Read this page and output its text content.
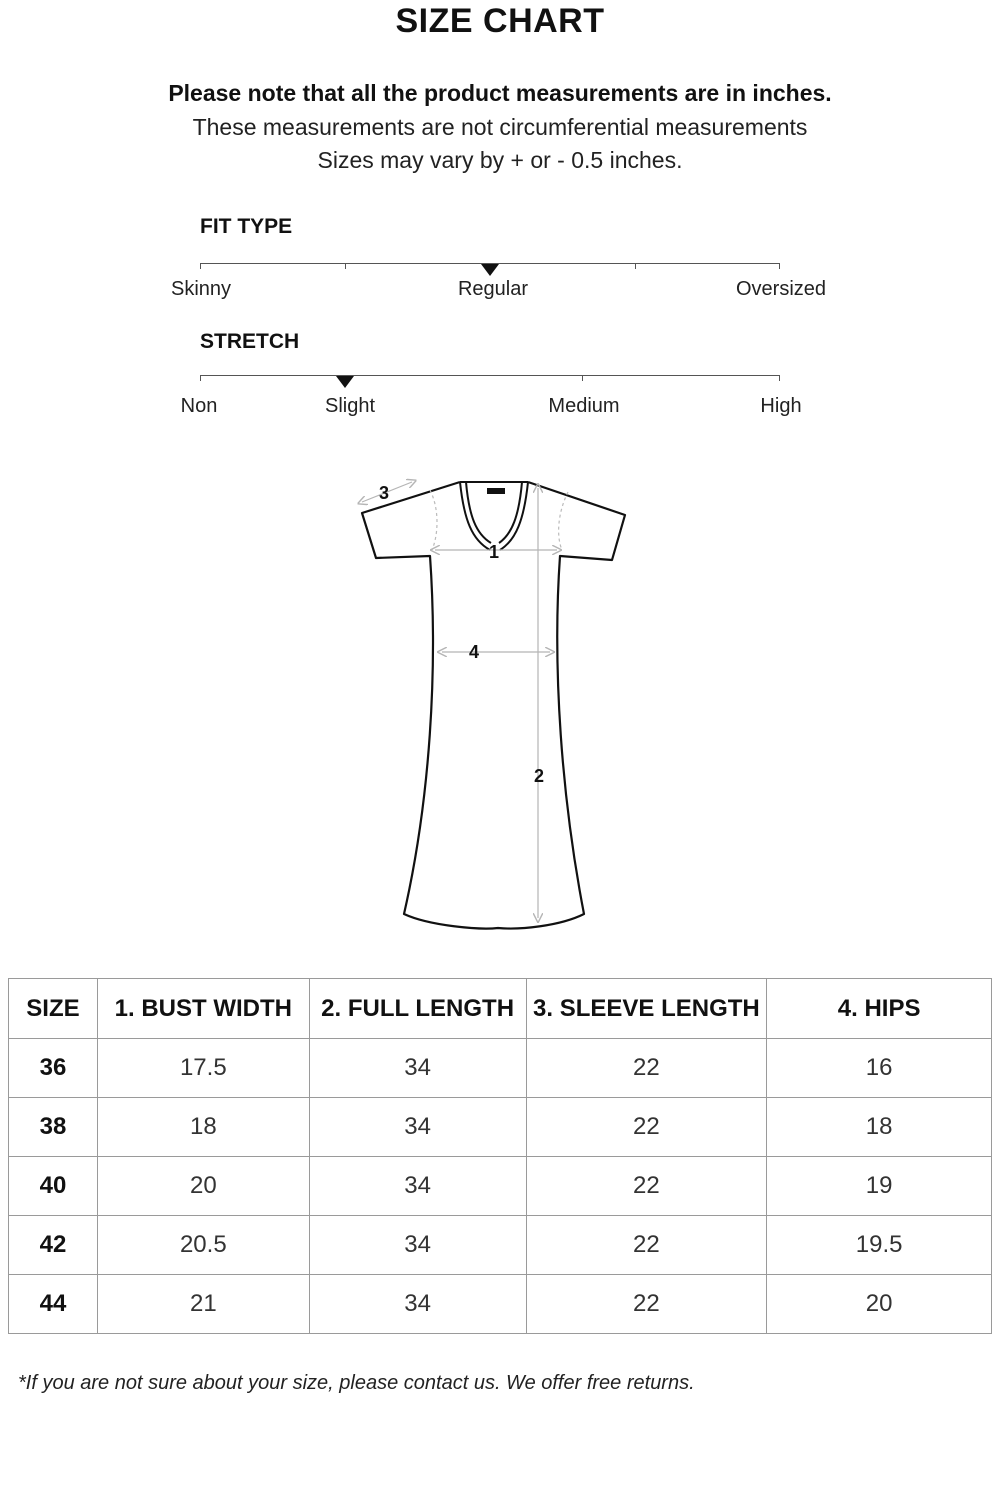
SIZE CHART
Please note that all the product measurements are in inches.
These measurements are not circumferential measurements
Sizes may vary by + or - 0.5 inches.
FIT TYPE
Skinny	Regular	Oversized
STRETCH
Non	Slight	Medium	High
1
2
3
4
SIZE	1. BUST WIDTH	2. FULL LENGTH	3. SLEEVE LENGTH	4. HIPS
36	17.5	34	22	16
38	18	34	22	18
40	20	34	22	19
42	20.5	34	22	19.5
44	21	34	22	20
*If you are not sure about your size, please contact us. We offer free returns.
